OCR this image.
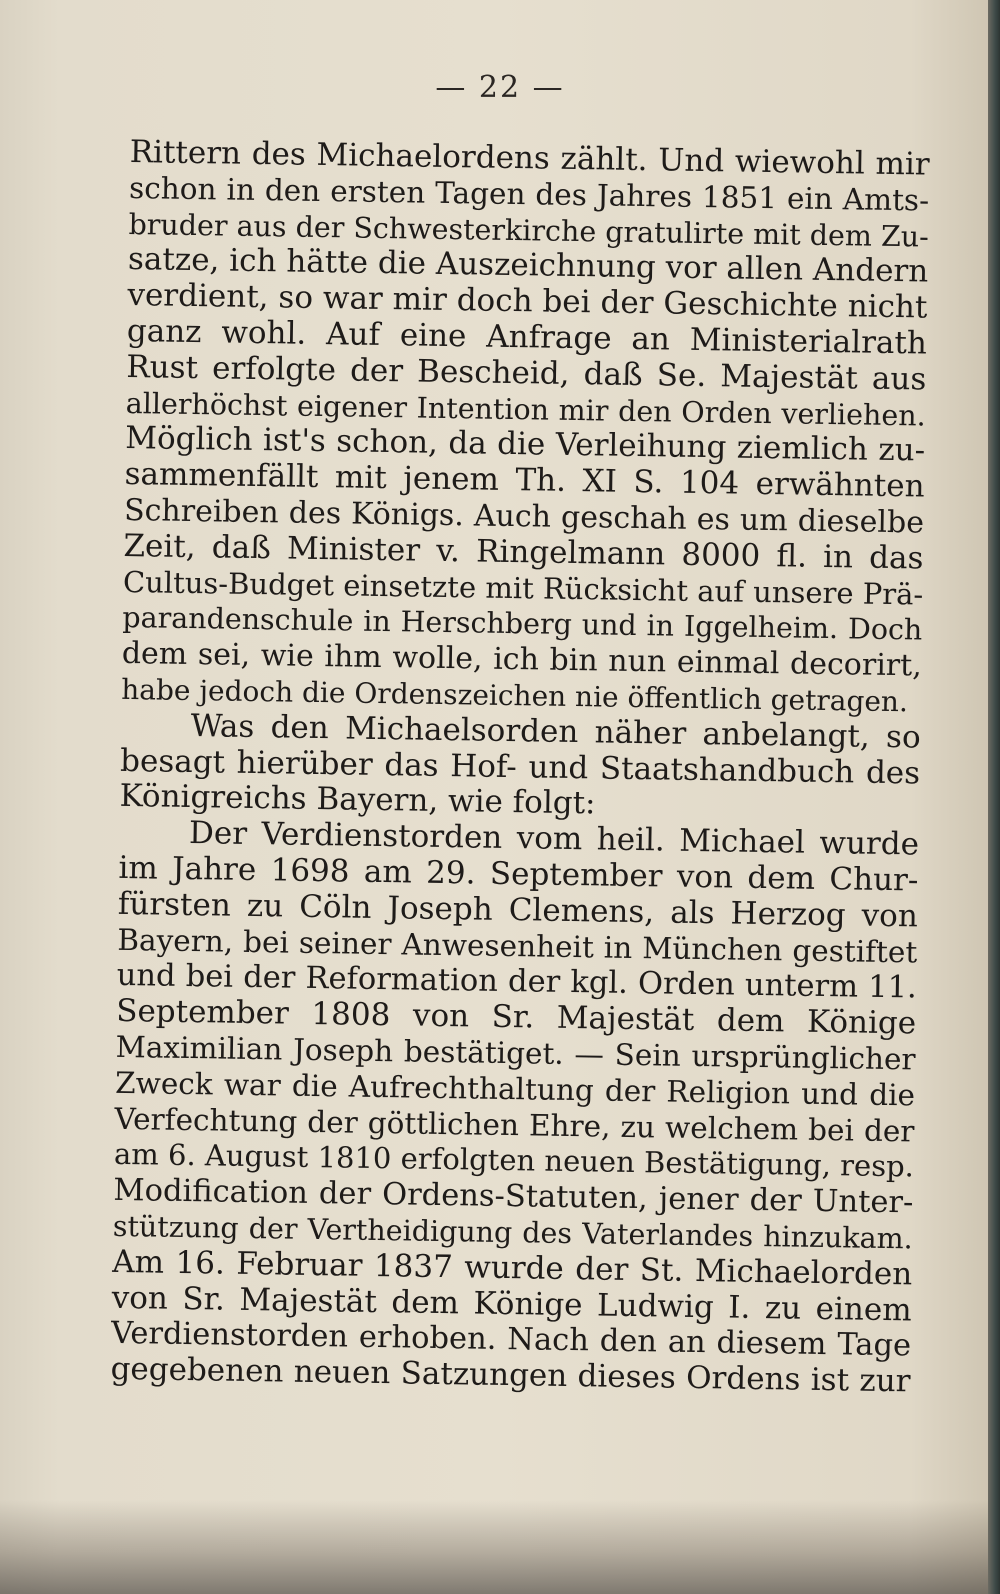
— 22 —
Rittern des Michaelordens zählt. Und wiewohl mir
schon in den ersten Tagen des Jahres 1851 ein Amts-
bruder aus der Schwesterkirche gratulirte mit dem Zu-
satze, ich hätte die Auszeichnung vor allen Andern
verdient, so war mir doch bei der Geschichte nicht
ganz wohl. Auf eine Anfrage an Ministerialrath
Rust erfolgte der Bescheid, daß Se. Majestät aus
allerhöchst eigener Intention mir den Orden verliehen.
Möglich ist's schon, da die Verleihung ziemlich zu-
sammenfällt mit jenem Th. XI S. 104 erwähnten
Schreiben des Königs. Auch geschah es um dieselbe
Zeit, daß Minister v. Ringelmann 8000 fl. in das
Cultus-Budget einsetzte mit Rücksicht auf unsere Prä-
parandenschule in Herschberg und in Iggelheim. Doch
dem sei, wie ihm wolle, ich bin nun einmal decorirt,
habe jedoch die Ordenszeichen nie öffentlich getragen.
Was den Michaelsorden näher anbelangt, so
besagt hierüber das Hof- und Staatshandbuch des
Königreichs Bayern, wie folgt:
Der Verdienstorden vom heil. Michael wurde
im Jahre 1698 am 29. September von dem Chur-
fürsten zu Cöln Joseph Clemens, als Herzog von
Bayern, bei seiner Anwesenheit in München gestiftet
und bei der Reformation der kgl. Orden unterm 11.
September 1808 von Sr. Majestät dem Könige
Maximilian Joseph bestätiget. — Sein ursprünglicher
Zweck war die Aufrechthaltung der Religion und die
Verfechtung der göttlichen Ehre, zu welchem bei der
am 6. August 1810 erfolgten neuen Bestätigung, resp.
Modification der Ordens-Statuten, jener der Unter-
stützung der Vertheidigung des Vaterlandes hinzukam.
Am 16. Februar 1837 wurde der St. Michaelorden
von Sr. Majestät dem Könige Ludwig I. zu einem
Verdienstorden erhoben. Nach den an diesem Tage
gegebenen neuen Satzungen dieses Ordens ist zur
